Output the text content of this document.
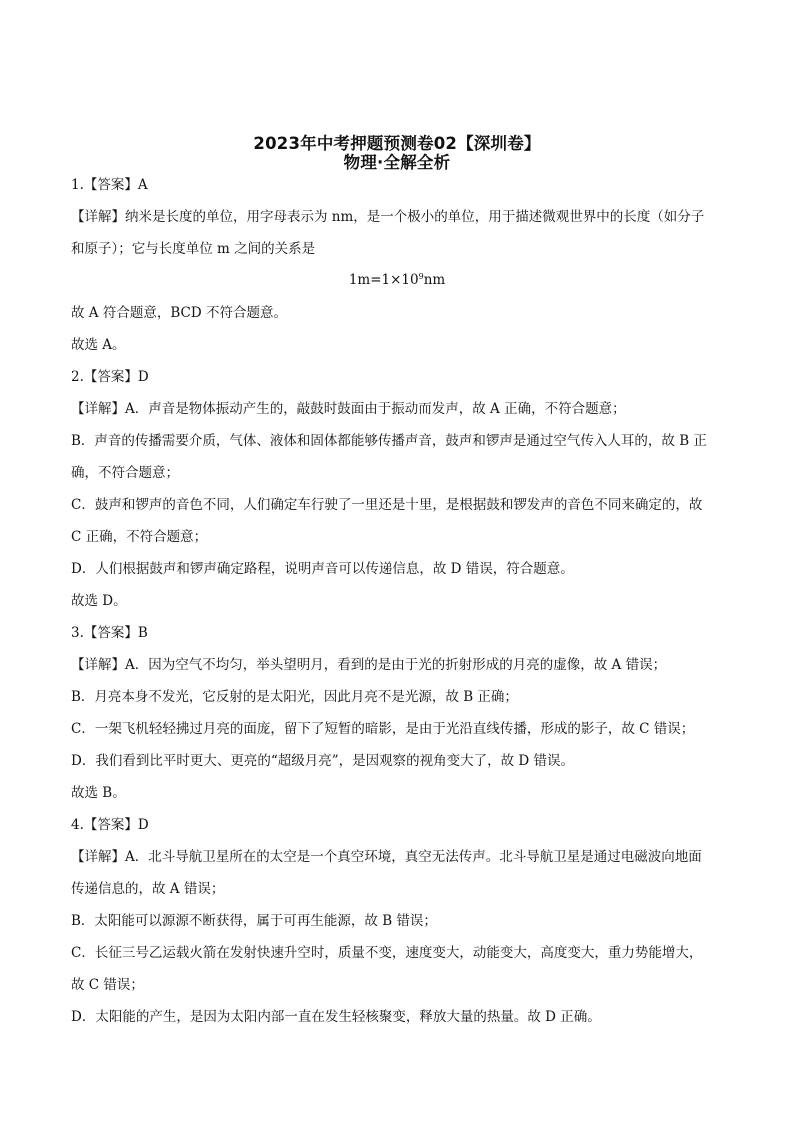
2023年中考押题预测卷02【深圳卷】
物理·全解全析
1.【答案】A
【详解】纳米是长度的单位，用字母表示为 nm，是一个极小的单位，用于描述微观世界中的长度（如分子
和原子）；它与长度单位 m 之间的关系是
$1m=1\times 10^9nm$
故 A 符合题意，BCD 不符合题意。
故选 A。
2.【答案】D
【详解】A．声音是物体振动产生的，敲鼓时鼓面由于振动而发声，故 A 正确，不符合题意；
B．声音的传播需要介质，气体、液体和固体都能够传播声音，鼓声和锣声是通过空气传入人耳的，故 B 正
确，不符合题意；
C．鼓声和锣声的音色不同，人们确定车行驶了一里还是十里，是根据鼓和锣发声的音色不同来确定的，故
C 正确，不符合题意；
D．人们根据鼓声和锣声确定路程，说明声音可以传递信息，故 D 错误，符合题意。
故选 D。
3.【答案】B
【详解】A．因为空气不均匀，举头望明月，看到的是由于光的折射形成的月亮的虚像，故 A 错误；
B．月亮本身不发光，它反射的是太阳光，因此月亮不是光源，故 B 正确；
C．一架飞机轻轻拂过月亮的面庞，留下了短暂的暗影，是由于光沿直线传播，形成的影子，故 C 错误；
D．我们看到比平时更大、更亮的“超级月亮”，是因观察的视角变大了，故 D 错误。
故选 B。
4.【答案】D
【详解】A．北斗导航卫星所在的太空是一个真空环境，真空无法传声。北斗导航卫星是通过电磁波向地面
传递信息的，故 A 错误；
B．太阳能可以源源不断获得，属于可再生能源，故 B 错误；
C．长征三号乙运载火箭在发射快速升空时，质量不变，速度变大，动能变大，高度变大，重力势能增大，
故 C 错误；
D．太阳能的产生，是因为太阳内部一直在发生轻核聚变，释放大量的热量。故 D 正确。
